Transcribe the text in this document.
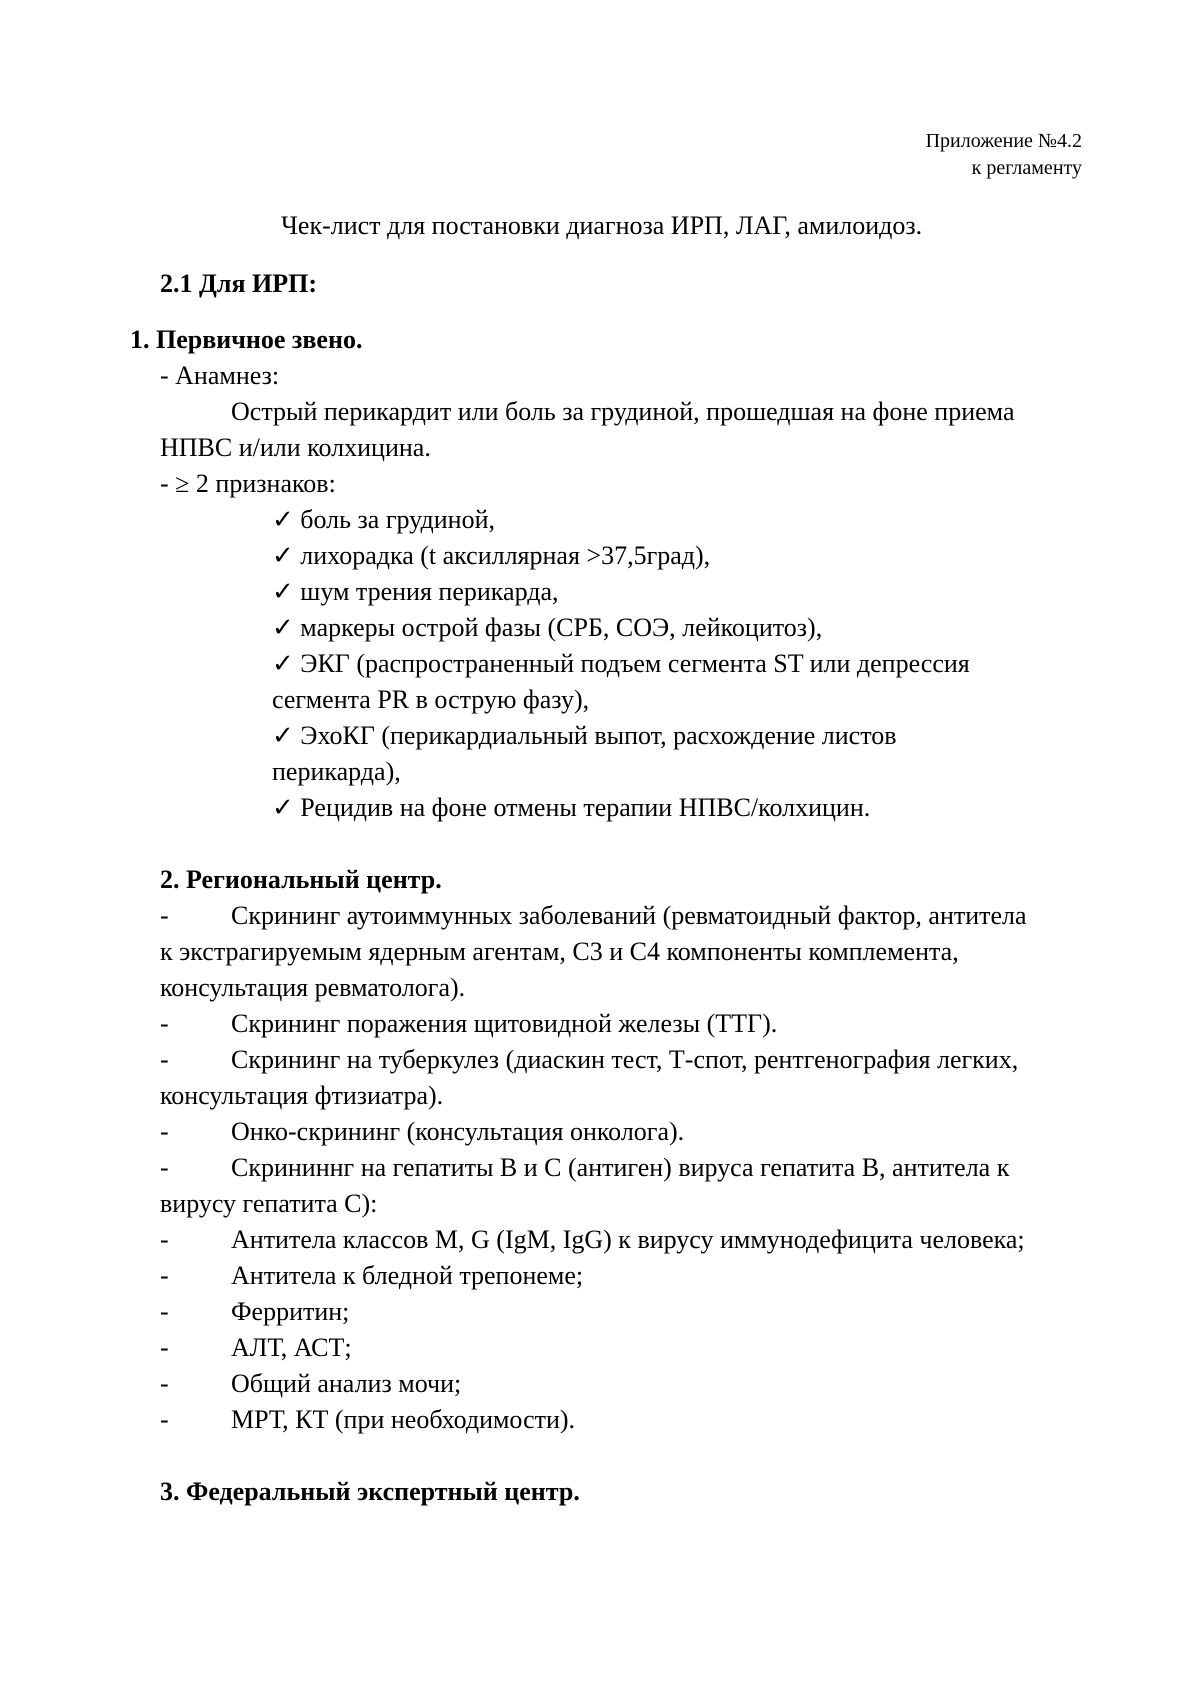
Приложение №4.2
к регламенту
Чек-лист для постановки диагноза ИРП, ЛАГ, амилоидоз.
2.1 Для ИРП:
1. Первичное звено.
- Анамнез:
Острый перикардит или боль за грудиной, прошедшая на фоне приема
НПВС и/или колхицина.
- ≥ 2 признаков:
✓ боль за грудиной,
✓ лихорадка (t аксиллярная >37,5град),
✓ шум трения перикарда,
✓ маркеры острой фазы (СРБ, СОЭ, лейкоцитоз),
✓ ЭКГ (распространенный подъем сегмента ST или депрессия
сегмента PR в острую фазу),
✓ ЭхоКГ (перикардиальный выпот, расхождение листов
перикарда),
✓ Рецидив на фоне отмены терапии НПВС/колхицин.
2. Региональный центр.
- Скрининг аутоиммунных заболеваний (ревматоидный фактор, антитела
к экстрагируемым ядерным агентам, С3 и С4 компоненты комплемента,
консультация ревматолога).
- Скрининг поражения щитовидной железы (ТТГ).
- Скрининг на туберкулез (диаскин тест, Т-спот, рентгенография легких,
консультация фтизиатра).
- Онко-скрининг (консультация онколога).
- Скрининнг на гепатиты В и С (антиген) вируса гепатита В, антитела к
вирусу гепатита С):
- Антитела классов M, G (IgM, IgG) к вирусу иммунодефицита человека;
- Антитела к бледной трепонеме;
- Ферритин;
- АЛТ, АСТ;
- Общий анализ мочи;
- МРТ, КТ (при необходимости).
3. Федеральный экспертный центр.
